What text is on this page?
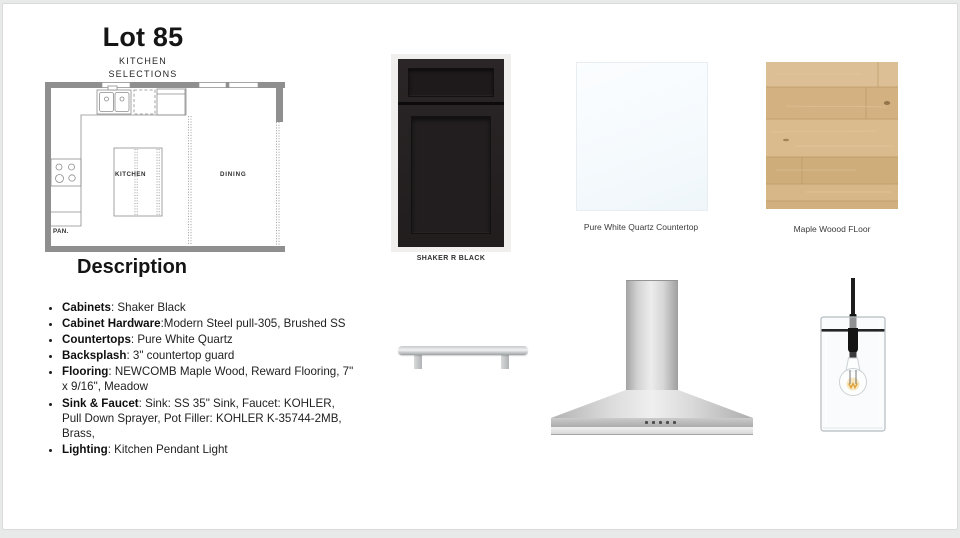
Lot 85
KITCHEN
SELECTIONS
KITCHEN	DINING
PAN.
Description
• Cabinets: Shaker Black
• Cabinet Hardware:Modern Steel pull-305, Brushed SS
• Countertops: Pure White Quartz
• Backsplash: 3" countertop guard
• Flooring: NEWCOMB Maple Wood, Reward Flooring, 7" x 9/16", Meadow
• Sink & Faucet: Sink: SS 35" Sink, Faucet: KOHLER, Pull Down Sprayer, Pot Filler: KOHLER K-35744-2MB, Brass,
• Lighting: Kitchen Pendant Light
SHAKER R BLACK
Pure White Quartz Countertop	Maple Woood FLoor
